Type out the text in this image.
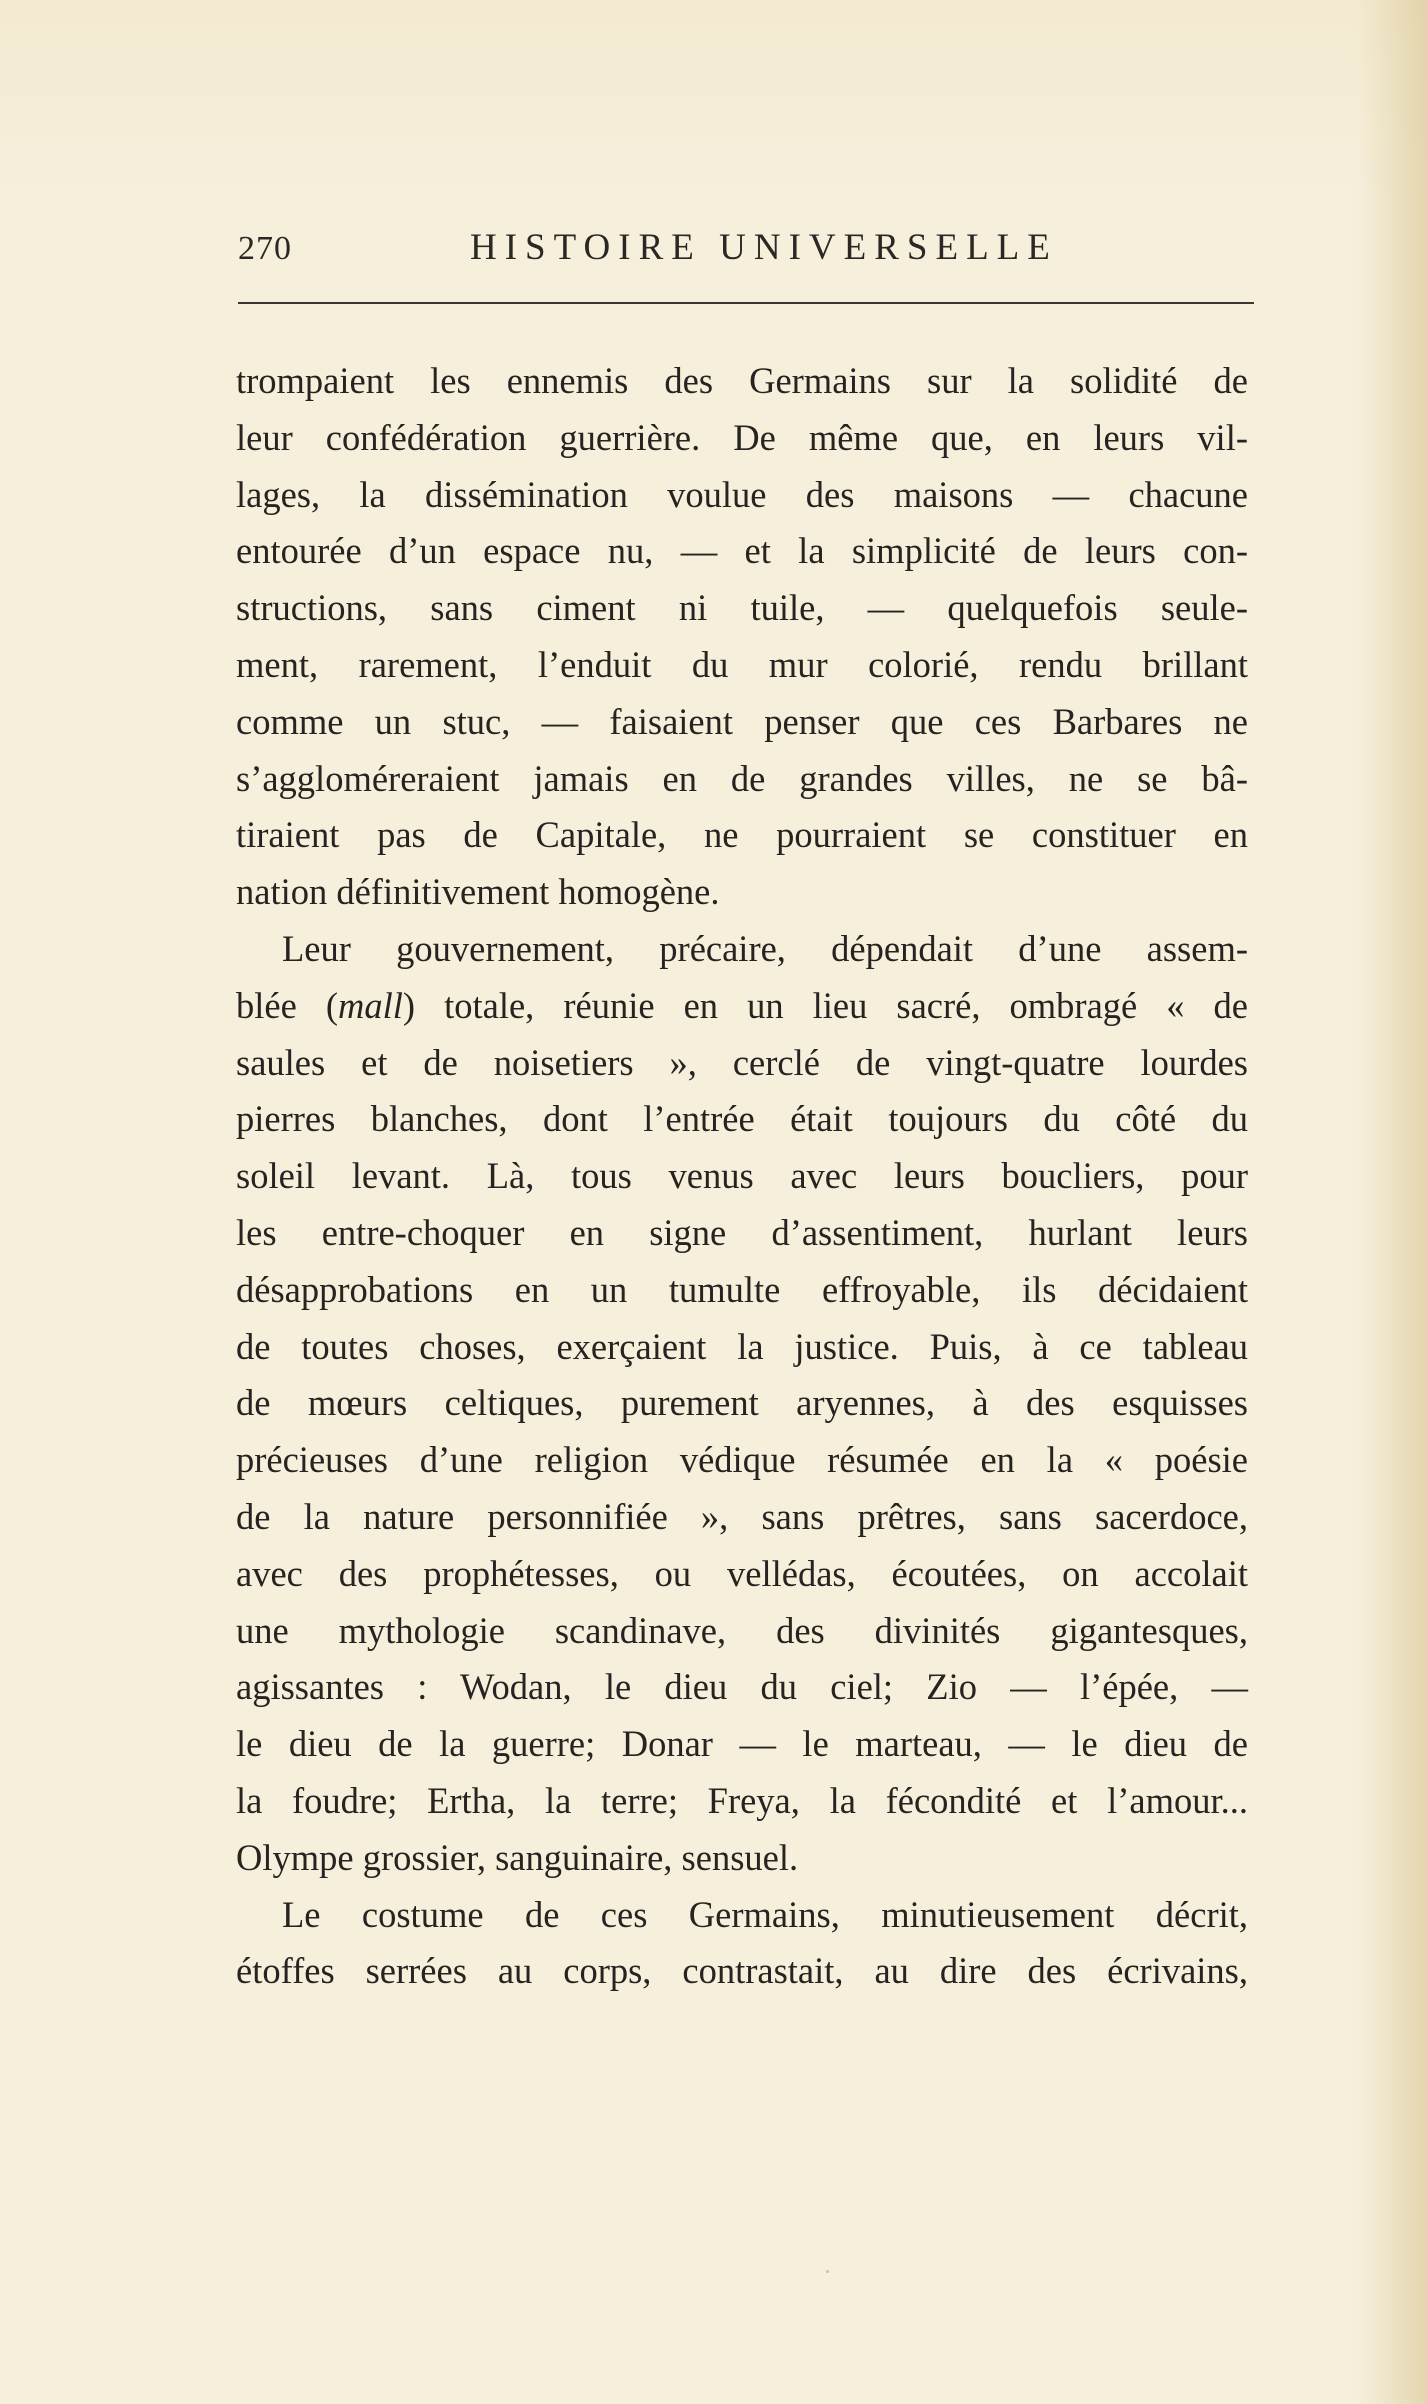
270	HISTOIRE UNIVERSELLE
trompaient les ennemis des Germains sur la solidité de
leur confédération guerrière. De même que, en leurs vil-
lages, la dissémination voulue des maisons — chacune
entourée d’un espace nu, — et la simplicité de leurs con-
structions, sans ciment ni tuile, — quelquefois seule-
ment, rarement, l’enduit du mur colorié, rendu brillant
comme un stuc, — faisaient penser que ces Barbares ne
s’aggloméreraient jamais en de grandes villes, ne se bâ-
tiraient pas de Capitale, ne pourraient se constituer en
nation définitivement homogène.
Leur gouvernement, précaire, dépendait d’une assem-
blée (mall) totale, réunie en un lieu sacré, ombragé « de
saules et de noisetiers », cerclé de vingt-quatre lourdes
pierres blanches, dont l’entrée était toujours du côté du
soleil levant. Là, tous venus avec leurs boucliers, pour
les entre-choquer en signe d’assentiment, hurlant leurs
désapprobations en un tumulte effroyable, ils décidaient
de toutes choses, exerçaient la justice. Puis, à ce tableau
de mœurs celtiques, purement aryennes, à des esquisses
précieuses d’une religion védique résumée en la « poésie
de la nature personnifiée », sans prêtres, sans sacerdoce,
avec des prophétesses, ou vellédas, écoutées, on accolait
une mythologie scandinave, des divinités gigantesques,
agissantes : Wodan, le dieu du ciel; Zio — l’épée, —
le dieu de la guerre; Donar — le marteau, — le dieu de
la foudre; Ertha, la terre; Freya, la fécondité et l’amour...
Olympe grossier, sanguinaire, sensuel.
Le costume de ces Germains, minutieusement décrit,
étoffes serrées au corps, contrastait, au dire des écrivains,
